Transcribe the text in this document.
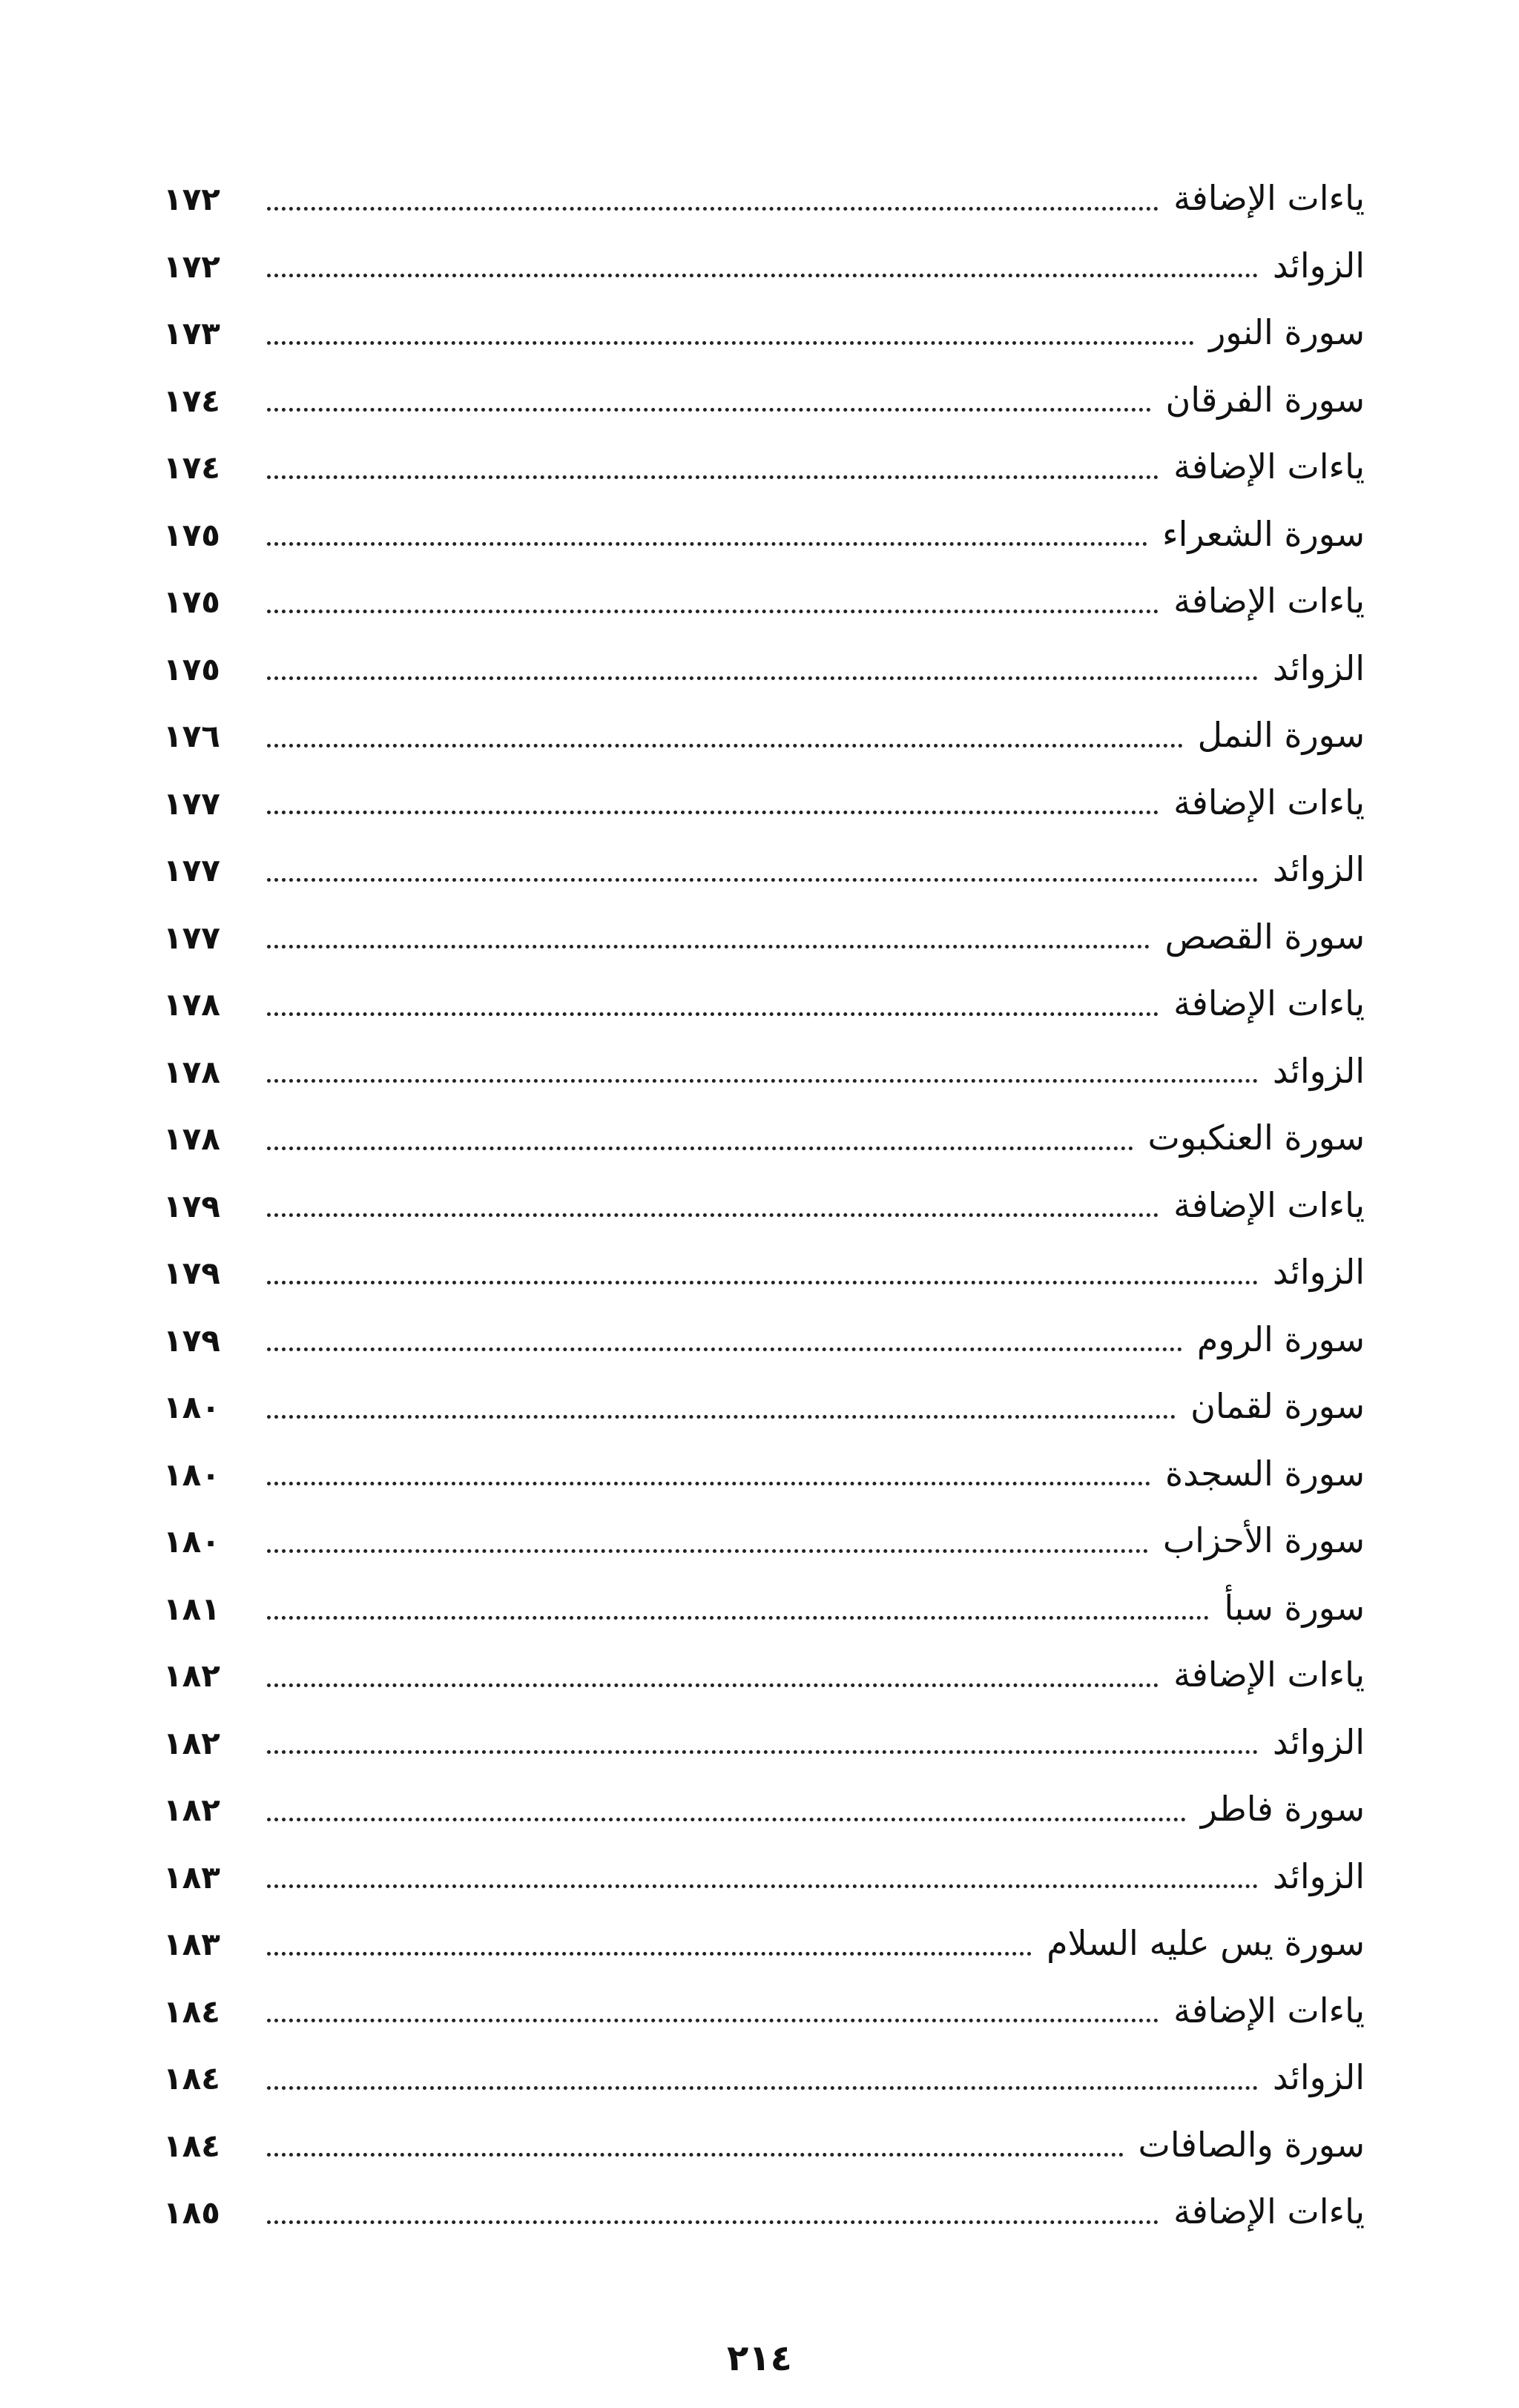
ياءات الإضافة
١٧٢
الزوائد
١٧٢
سورة النور
١٧٣
سورة الفرقان
١٧٤
ياءات الإضافة
١٧٤
سورة الشعراء
١٧٥
ياءات الإضافة
١٧٥
الزوائد
١٧٥
سورة النمل
١٧٦
ياءات الإضافة
١٧٧
الزوائد
١٧٧
سورة القصص
١٧٧
ياءات الإضافة
١٧٨
الزوائد
١٧٨
سورة العنكبوت
١٧٨
ياءات الإضافة
١٧٩
الزوائد
١٧٩
سورة الروم
١٧٩
سورة لقمان
١٨٠
سورة السجدة
١٨٠
سورة الأحزاب
١٨٠
سورة سبأ
١٨١
ياءات الإضافة
١٨٢
الزوائد
١٨٢
سورة فاطر
١٨٢
الزوائد
١٨٣
سورة يس عليه السلام
١٨٣
ياءات الإضافة
١٨٤
الزوائد
١٨٤
سورة والصافات
١٨٤
ياءات الإضافة
١٨٥
٢١٤
